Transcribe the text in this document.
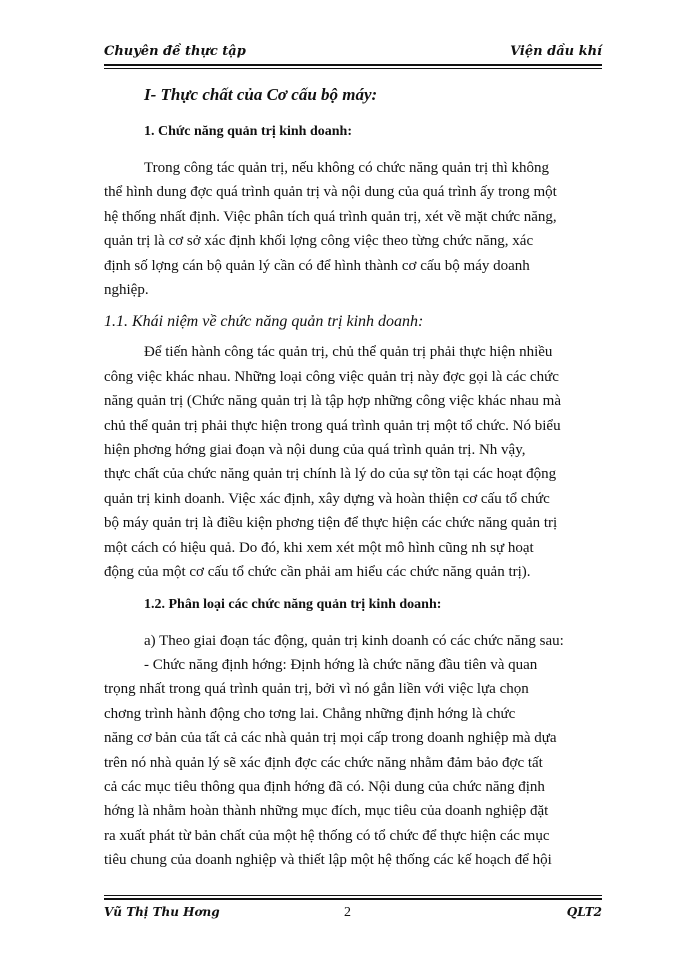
Chuyên đề thực tập	Viện dầu khí
I- Thực chất của Cơ cấu bộ máy:
1. Chức năng quản trị kinh doanh:
Trong công tác quản trị, nếu không có chức năng quản trị thì không
thể hình dung đợc quá trình quản trị và nội dung của quá trình ấy trong một
hệ thống nhất định. Việc phân tích quá trình quản trị, xét về mặt chức năng,
quản trị là cơ sở xác định khối lợng công việc theo từng chức năng, xác
định số lợng cán bộ quản lý cần có để hình thành cơ cấu bộ máy doanh
nghiệp.
1.1. Khái niệm về chức năng quản trị kinh doanh:
Để tiến hành công tác quản trị, chủ thể quản trị phải thực hiện nhiều
công việc khác nhau. Những loại công việc quản trị này đợc gọi là các chức
năng quản trị (Chức năng quản trị là tập hợp những công việc khác nhau mà
chủ thể quản trị phải thực hiện trong quá trình quản trị một tổ chức. Nó biểu
hiện phơng hớng giai đoạn và nội dung của quá trình quản trị. Nh vậy,
thực chất của chức năng quản trị chính là lý do của sự tồn tại các hoạt động
quản trị kinh doanh. Việc xác định, xây dựng và hoàn thiện cơ cấu tổ chức
bộ máy quản trị là điều kiện phơng tiện để thực hiện các chức năng quản trị
một cách có hiệu quả. Do đó, khi xem xét một mô hình cũng nh sự hoạt
động của một cơ cấu tổ chức cần phải am hiểu các chức năng quản trị).
1.2. Phân loại các chức năng quản trị kinh doanh:
a) Theo giai đoạn tác động, quản trị kinh doanh có các chức năng sau:
- Chức năng định hớng: Định hớng là chức năng đầu tiên và quan
trọng nhất trong quá trình quản trị, bởi vì nó gắn liền với việc lựa chọn
chơng trình hành động cho tơng lai. Chẳng những định hớng là chức
năng cơ bản của tất cả các nhà quản trị mọi cấp trong doanh nghiệp mà dựa
trên nó nhà quản lý sẽ xác định đợc các chức năng nhằm đảm bảo đợc tất
cả các mục tiêu thông qua định hớng đã có. Nội dung của chức năng định
hớng là nhằm hoàn thành những mục đích, mục tiêu của doanh nghiệp đặt
ra xuất phát từ bản chất của một hệ thống có tổ chức để thực hiện các mục
tiêu chung của doanh nghiệp và thiết lập một hệ thống các kế hoạch để hội
Vũ Thị Thu Hơng	2	QLT2
